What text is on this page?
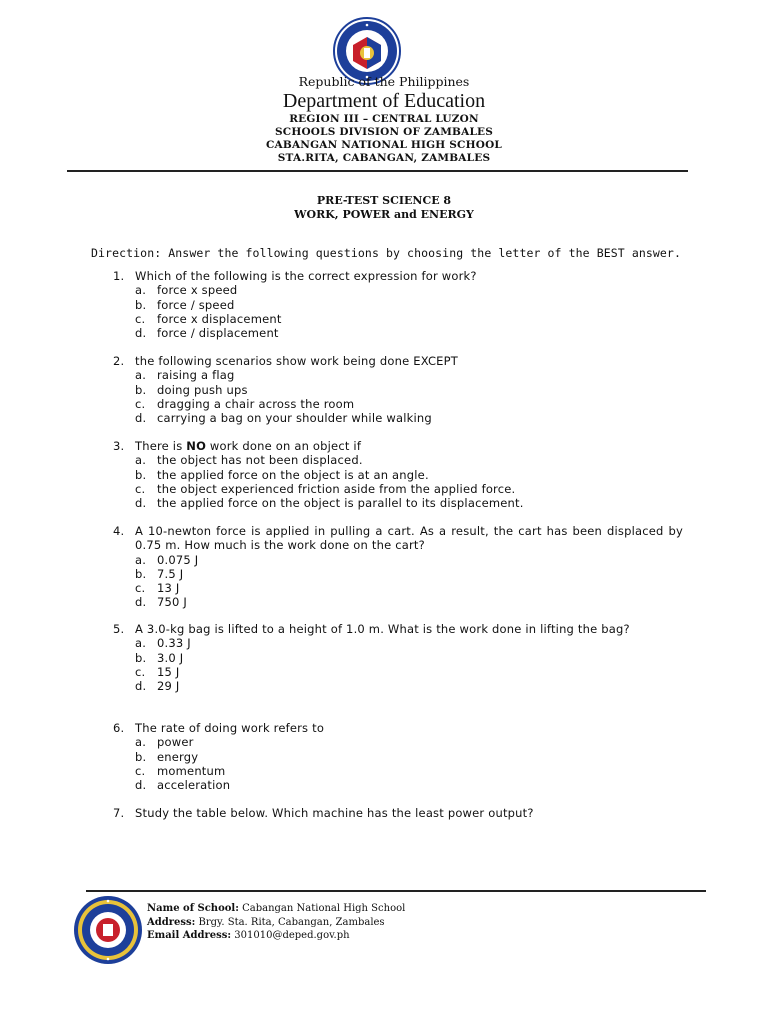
Republic of the Philippines
Department of Education
REGION III – CENTRAL LUZON
SCHOOLS DIVISION OF ZAMBALES
CABANGAN NATIONAL HIGH SCHOOL
STA.RITA, CABANGAN, ZAMBALES
PRE-TEST SCIENCE 8
WORK, POWER and ENERGY
Direction: Answer the following questions by choosing the letter of the BEST answer.
1. Which of the following is the correct expression for work?
a. force x speed
b. force / speed
c. force x displacement
d. force / displacement
2. the following scenarios show work being done EXCEPT
a. raising a flag
b. doing push ups
c. dragging a chair across the room
d. carrying a bag on your shoulder while walking
3. There is NO work done on an object if
a. the object has not been displaced.
b. the applied force on the object is at an angle.
c. the object experienced friction aside from the applied force.
d. the applied force on the object is parallel to its displacement.
4. A 10-newton force is applied in pulling a cart. As a result, the cart has been displaced by 0.75 m. How much is the work done on the cart?
a. 0.075 J
b. 7.5 J
c. 13 J
d. 750 J
5. A 3.0-kg bag is lifted to a height of 1.0 m. What is the work done in lifting the bag?
a. 0.33 J
b. 3.0 J
c. 15 J
d. 29 J
6. The rate of doing work refers to
a. power
b. energy
c. momentum
d. acceleration
7. Study the table below. Which machine has the least power output?
Name of School: Cabangan National High School
Address: Brgy. Sta. Rita, Cabangan, Zambales
Email Address: 301010@deped.gov.ph
